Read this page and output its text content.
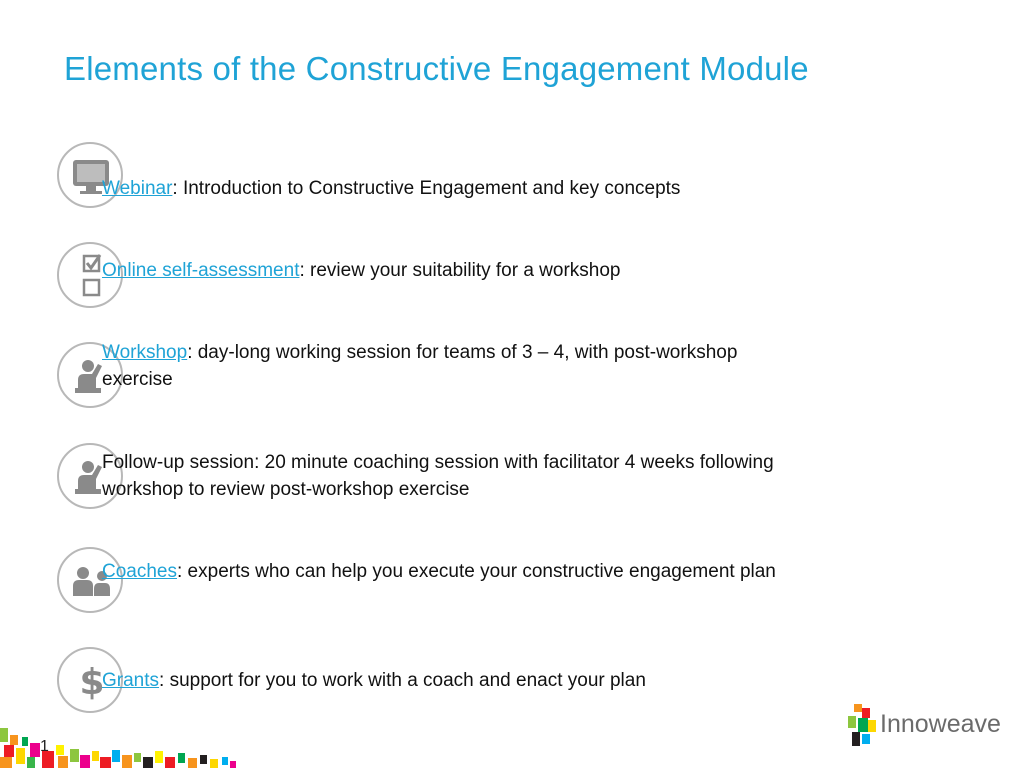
Elements of the Constructive Engagement Module
Webinar: Introduction to Constructive Engagement and key concepts
Online self-assessment: review your suitability for a workshop
Workshop: day-long working session for teams of 3 – 4, with post-workshop exercise
Follow-up session: 20 minute coaching session with facilitator 4 weeks following workshop to review post-workshop exercise
Coaches: experts who can help you execute your constructive engagement plan
$
Grants: support for you to work with a coach and enact your plan
1
Innoweave
